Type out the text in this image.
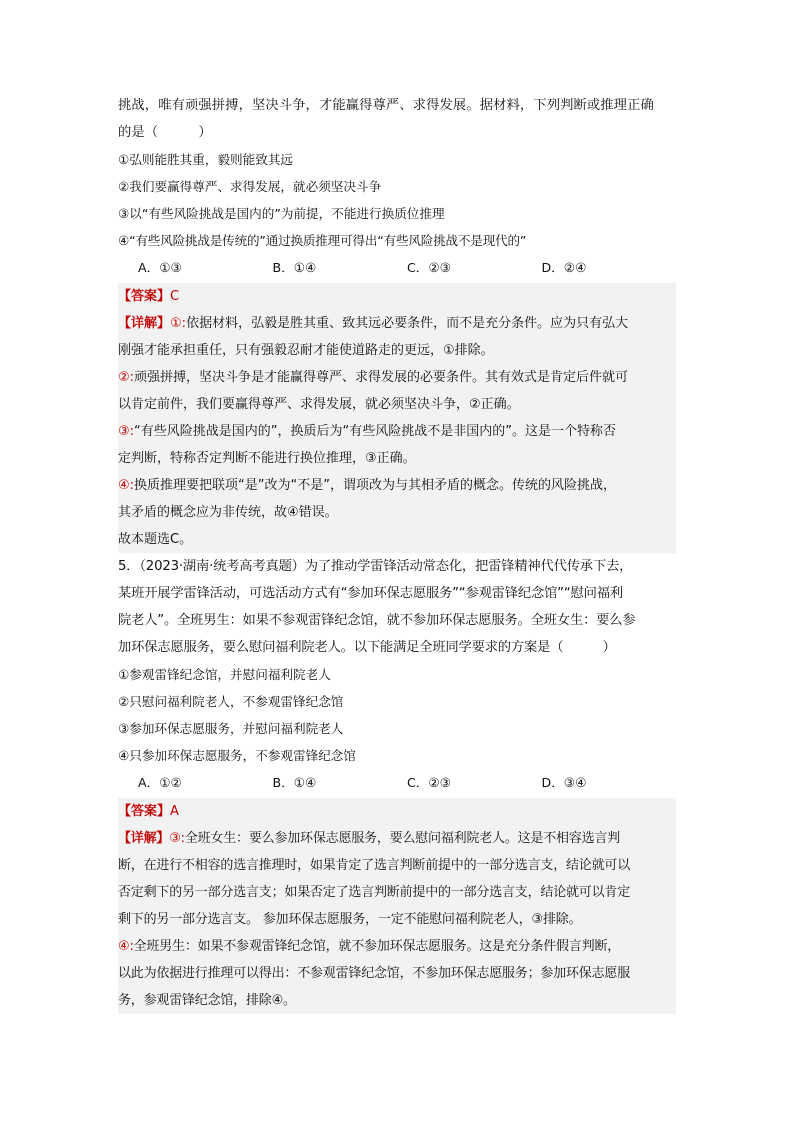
挑战，唯有顽强拼搏，坚决斗争，才能赢得尊严、求得发展。据材料，下列判断或推理正确
的是（　　　）
①弘则能胜其重，毅则能致其远
②我们要赢得尊严、求得发展，就必须坚决斗争
③以“有些风险挑战是国内的”为前提，不能进行换质位推理
④“有些风险挑战是传统的”通过换质推理可得出“有些风险挑战不是现代的”
A．①③	B．①④	C．②③	D．②④
【答案】C
【详解】①:依据材料，弘毅是胜其重、致其远必要条件，而不是充分条件。应为只有弘大
刚强才能承担重任，只有强毅忍耐才能使道路走的更远，①排除。
②:顽强拼搏，坚决斗争是才能赢得尊严、求得发展的必要条件。其有效式是肯定后件就可
以肯定前件，我们要赢得尊严、求得发展，就必须坚决斗争，②正确。
③:“有些风险挑战是国内的”，换质后为“有些风险挑战不是非国内的”。这是一个特称否
定判断，特称否定判断不能进行换位推理，③正确。
④:换质推理要把联项“是”改为“不是”，谓项改为与其相矛盾的概念。传统的风险挑战，
其矛盾的概念应为非传统，故④错误。
故本题选C。
5．（2023·湖南·统考高考真题）为了推动学雷锋活动常态化，把雷锋精神代代传承下去，
某班开展学雷锋活动，可选活动方式有“参加环保志愿服务”“参观雷锋纪念馆”“慰问福利
院老人”。全班男生：如果不参观雷锋纪念馆，就不参加环保志愿服务。全班女生：要么参
加环保志愿服务，要么慰问福利院老人。以下能满足全班同学要求的方案是（　　　）
①参观雷锋纪念馆，并慰问福利院老人
②只慰问福利院老人，不参观雷锋纪念馆
③参加环保志愿服务，并慰问福利院老人
④只参加环保志愿服务，不参观雷锋纪念馆
A．①②	B．①④	C．②③	D．③④
【答案】A
【详解】③:全班女生：要么参加环保志愿服务，要么慰问福利院老人。这是不相容选言判
断，在进行不相容的选言推理时，如果肯定了选言判断前提中的一部分选言支，结论就可以
否定剩下的另一部分选言支；如果否定了选言判断前提中的一部分选言支，结论就可以肯定
剩下的另一部分选言支。 参加环保志愿服务，一定不能慰问福利院老人，③排除。
④:全班男生：如果不参观雷锋纪念馆，就不参加环保志愿服务。这是充分条件假言判断，
以此为依据进行推理可以得出：不参观雷锋纪念馆，不参加环保志愿服务；参加环保志愿服
务，参观雷锋纪念馆，排除④。
